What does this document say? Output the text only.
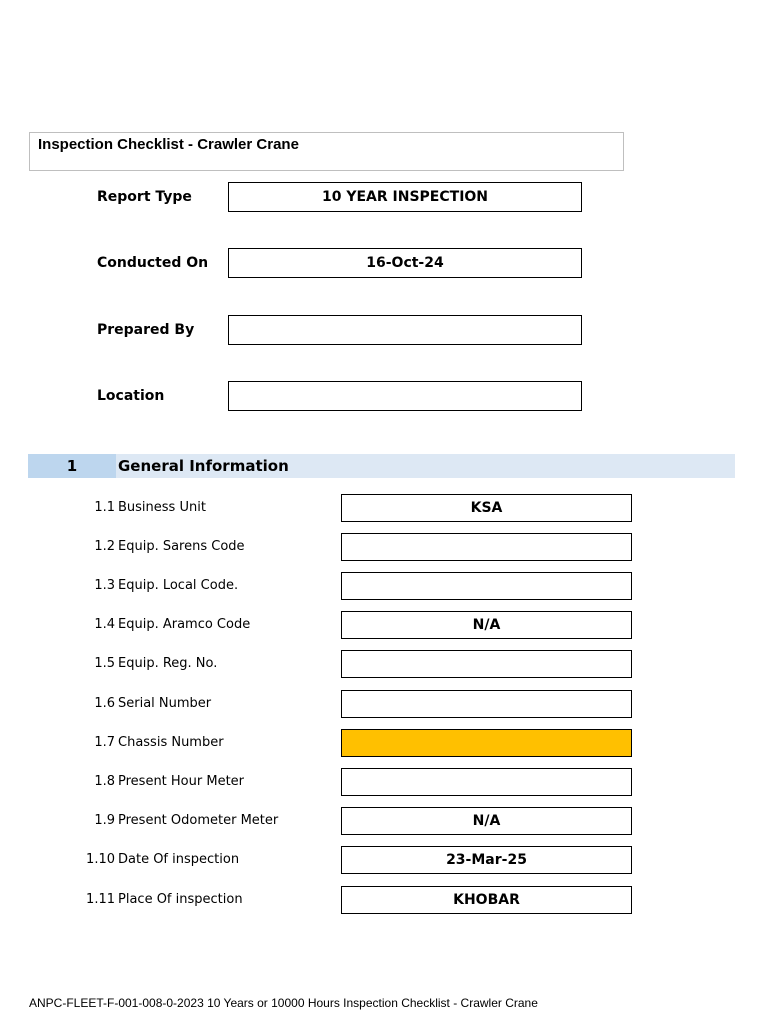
Inspection Checklist - Crawler Crane
Report Type	10 YEAR INSPECTION
Conducted On	16-Oct-24
Prepared By
Location
1	General Information
1.1 Business Unit	KSA
1.2 Equip. Sarens Code
1.3 Equip. Local Code.
1.4 Equip. Aramco Code	N/A
1.5 Equip. Reg. No.
1.6 Serial Number
1.7 Chassis Number
1.8 Present Hour Meter
1.9 Present Odometer Meter	N/A
1.10 Date Of inspection	23-Mar-25
1.11 Place Of inspection	KHOBAR
ANPC-FLEET-F-001-008-0-2023 10 Years or 10000 Hours Inspection Checklist - Crawler Crane
